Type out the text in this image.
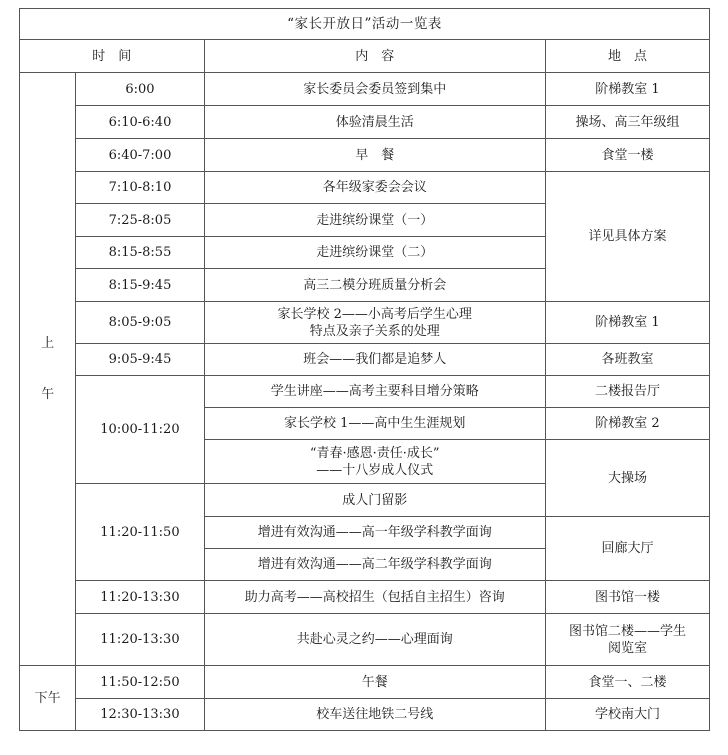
“家长开放日”活动一览表			
时　间		内　容	地　点

上
午	6:00	家长委员会委员签到集中	阶梯教室 1
	6:10-6:40	体验清晨生活	操场、高三年级组
	6:40-7:00	早　餐	食堂一楼
	7:10-8:10	各年级家委会会议	详见具体方案
	7:25-8:05	走进缤纷课堂（一）	
	8:15-8:55	走进缤纷课堂（二）	
	8:15-9:45	高三二模分班质量分析会	
	8:05-9:05	家长学校 2——小高考后学生心理
特点及亲子关系的处理	阶梯教室 1
	9:05-9:45	班会——我们都是追梦人	各班教室
	10:00-11:20	学生讲座——高考主要科目增分策略	二楼报告厅
		家长学校 1——高中生生涯规划	阶梯教室 2

		“青春·感恩·责任·成长”
——十八岁成人仪式	大操场
	11:20-11:50	成人门留影	
		增进有效沟通——高一年级学科教学面询	回廊大厅
		增进有效沟通——高二年级学科教学面询	
	11:20-13:30	助力高考——高校招生（包括自主招生）咨询	图书馆一楼
	11:20-13:30	共赴心灵之约——心理面询	图书馆二楼——学生
阅览室

下午	11:50-12:50	午餐	食堂一、二楼
	12:30-13:30	校车送往地铁二号线	学校南大门
